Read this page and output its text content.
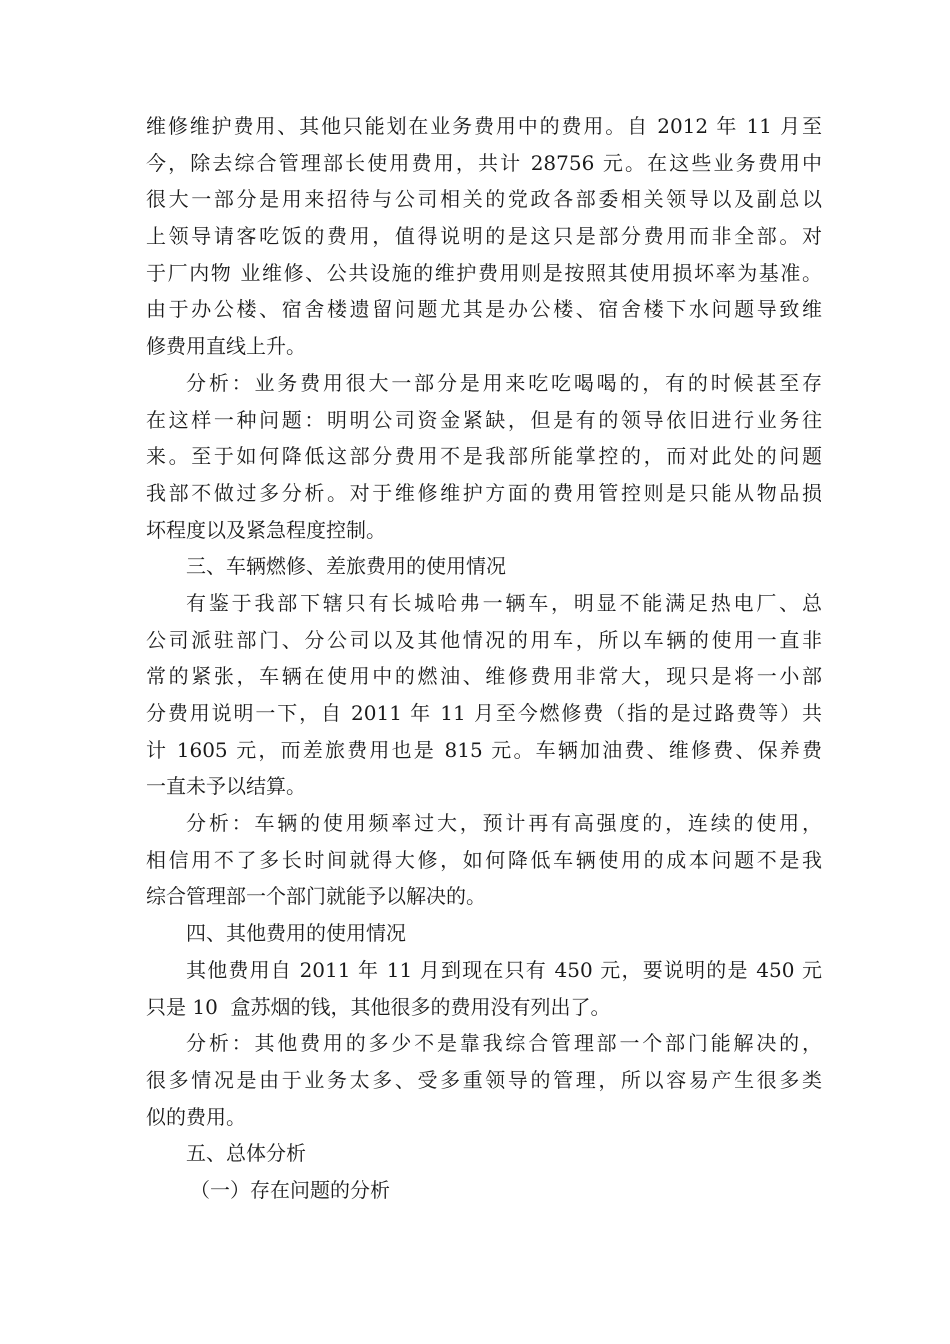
维修维护费用、其他只能划在业务费用中的费用。自 2012 年 11 月至
今，除去综合管理部长使用费用，共计 28756 元。在这些业务费用中
很大一部分是用来招待与公司相关的党政各部委相关领导以及副总以
上领导请客吃饭的费用，值得说明的是这只是部分费用而非全部。对
于厂内物 业维修、公共设施的维护费用则是按照其使用损坏率为基准。
由于办公楼、宿舍楼遗留问题尤其是办公楼、宿舍楼下水问题导致维
修费用直线上升。
分析：业务费用很大一部分是用来吃吃喝喝的，有的时候甚至存
在这样一种问题：明明公司资金紧缺，但是有的领导依旧进行业务往
来。至于如何降低这部分费用不是我部所能掌控的，而对此处的问题
我部不做过多分析。对于维修维护方面的费用管控则是只能从物品损
坏程度以及紧急程度控制。
三、车辆燃修、差旅费用的使用情况
有鉴于我部下辖只有长城哈弗一辆车，明显不能满足热电厂、总
公司派驻部门、分公司以及其他情况的用车，所以车辆的使用一直非
常的紧张，车辆在使用中的燃油、维修费用非常大，现只是将一小部
分费用说明一下，自 2011 年 11 月至今燃修费（指的是过路费等）共
计 1605 元，而差旅费用也是 815 元。车辆加油费、维修费、保养费
一直未予以结算。
分析：车辆的使用频率过大，预计再有高强度的，连续的使用，
相信用不了多长时间就得大修，如何降低车辆使用的成本问题不是我
综合管理部一个部门就能予以解决的。
四、其他费用的使用情况
其他费用自 2011 年 11 月到现在只有 450 元，要说明的是 450 元
只是 10  盒苏烟的钱，其他很多的费用没有列出了。
分析：其他费用的多少不是靠我综合管理部一个部门能解决的，
很多情况是由于业务太多、受多重领导的管理，所以容易产生很多类
似的费用。
五、总体分析
（一）存在问题的分析
